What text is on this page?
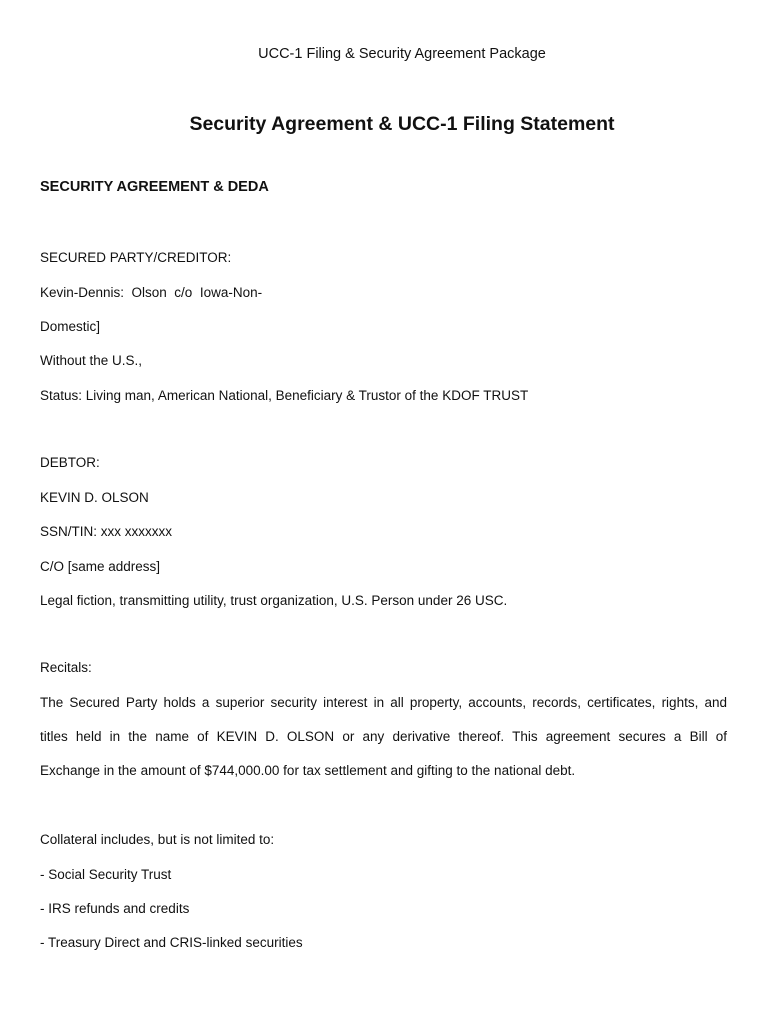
UCC-1 Filing & Security Agreement Package
Security Agreement & UCC-1 Filing Statement
SECURITY AGREEMENT & DEDA
SECURED PARTY/CREDITOR:
Kevin-Dennis:  Olson  c/o  Iowa-Non-
Domestic]
Without the U.S.,
Status: Living man, American National, Beneficiary & Trustor of the KDOF TRUST
DEBTOR:
KEVIN D. OLSON
SSN/TIN: xxx xxxxxxx
C/O [same address]
Legal fiction, transmitting utility, trust organization, U.S. Person under 26 USC.
Recitals:
The Secured Party holds a superior security interest in all property, accounts, records, certificates, rights, and
titles held in the name of KEVIN D. OLSON or any derivative thereof. This agreement secures a Bill of
Exchange in the amount of $744,000.00 for tax settlement and gifting to the national debt.
Collateral includes, but is not limited to:
- Social Security Trust
- IRS refunds and credits
- Treasury Direct and CRIS-linked securities
